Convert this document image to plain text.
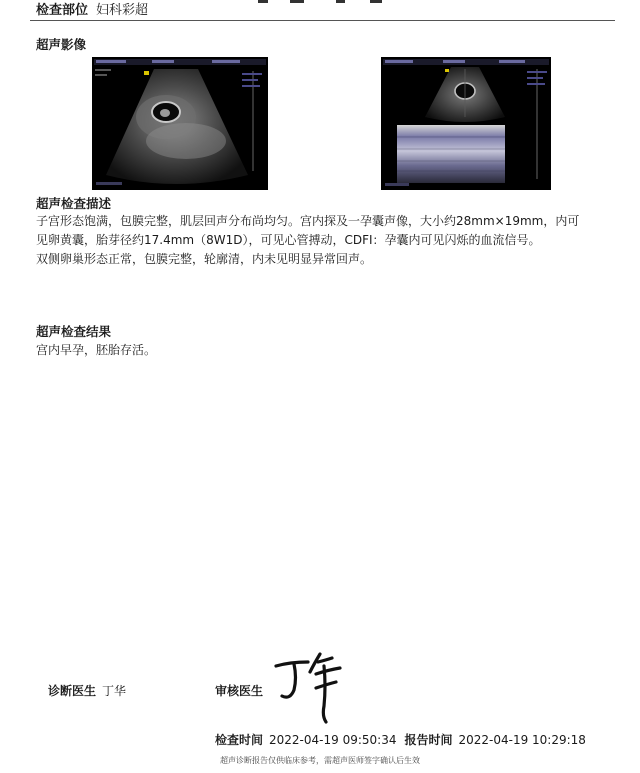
检查部位 妇科彩超
超声影像
超声检查描述
子宫形态饱满，包膜完整，肌层回声分布尚均匀。宫内探及一孕囊声像，大小约28mm×19mm，内可
见卵黄囊，胎芽径约17.4mm（8W1D），可见心管搏动，CDFI：孕囊内可见闪烁的血流信号。
双侧卵巢形态正常，包膜完整，轮廓清，内未见明显异常回声。
超声检查结果
宫内早孕，胚胎存活。
诊断医生 丁华	审核医生
检查时间 2022-04-19 09:50:34 报告时间 2022-04-19 10:29:18
超声诊断报告仅供临床参考，需超声医师签字确认后生效
